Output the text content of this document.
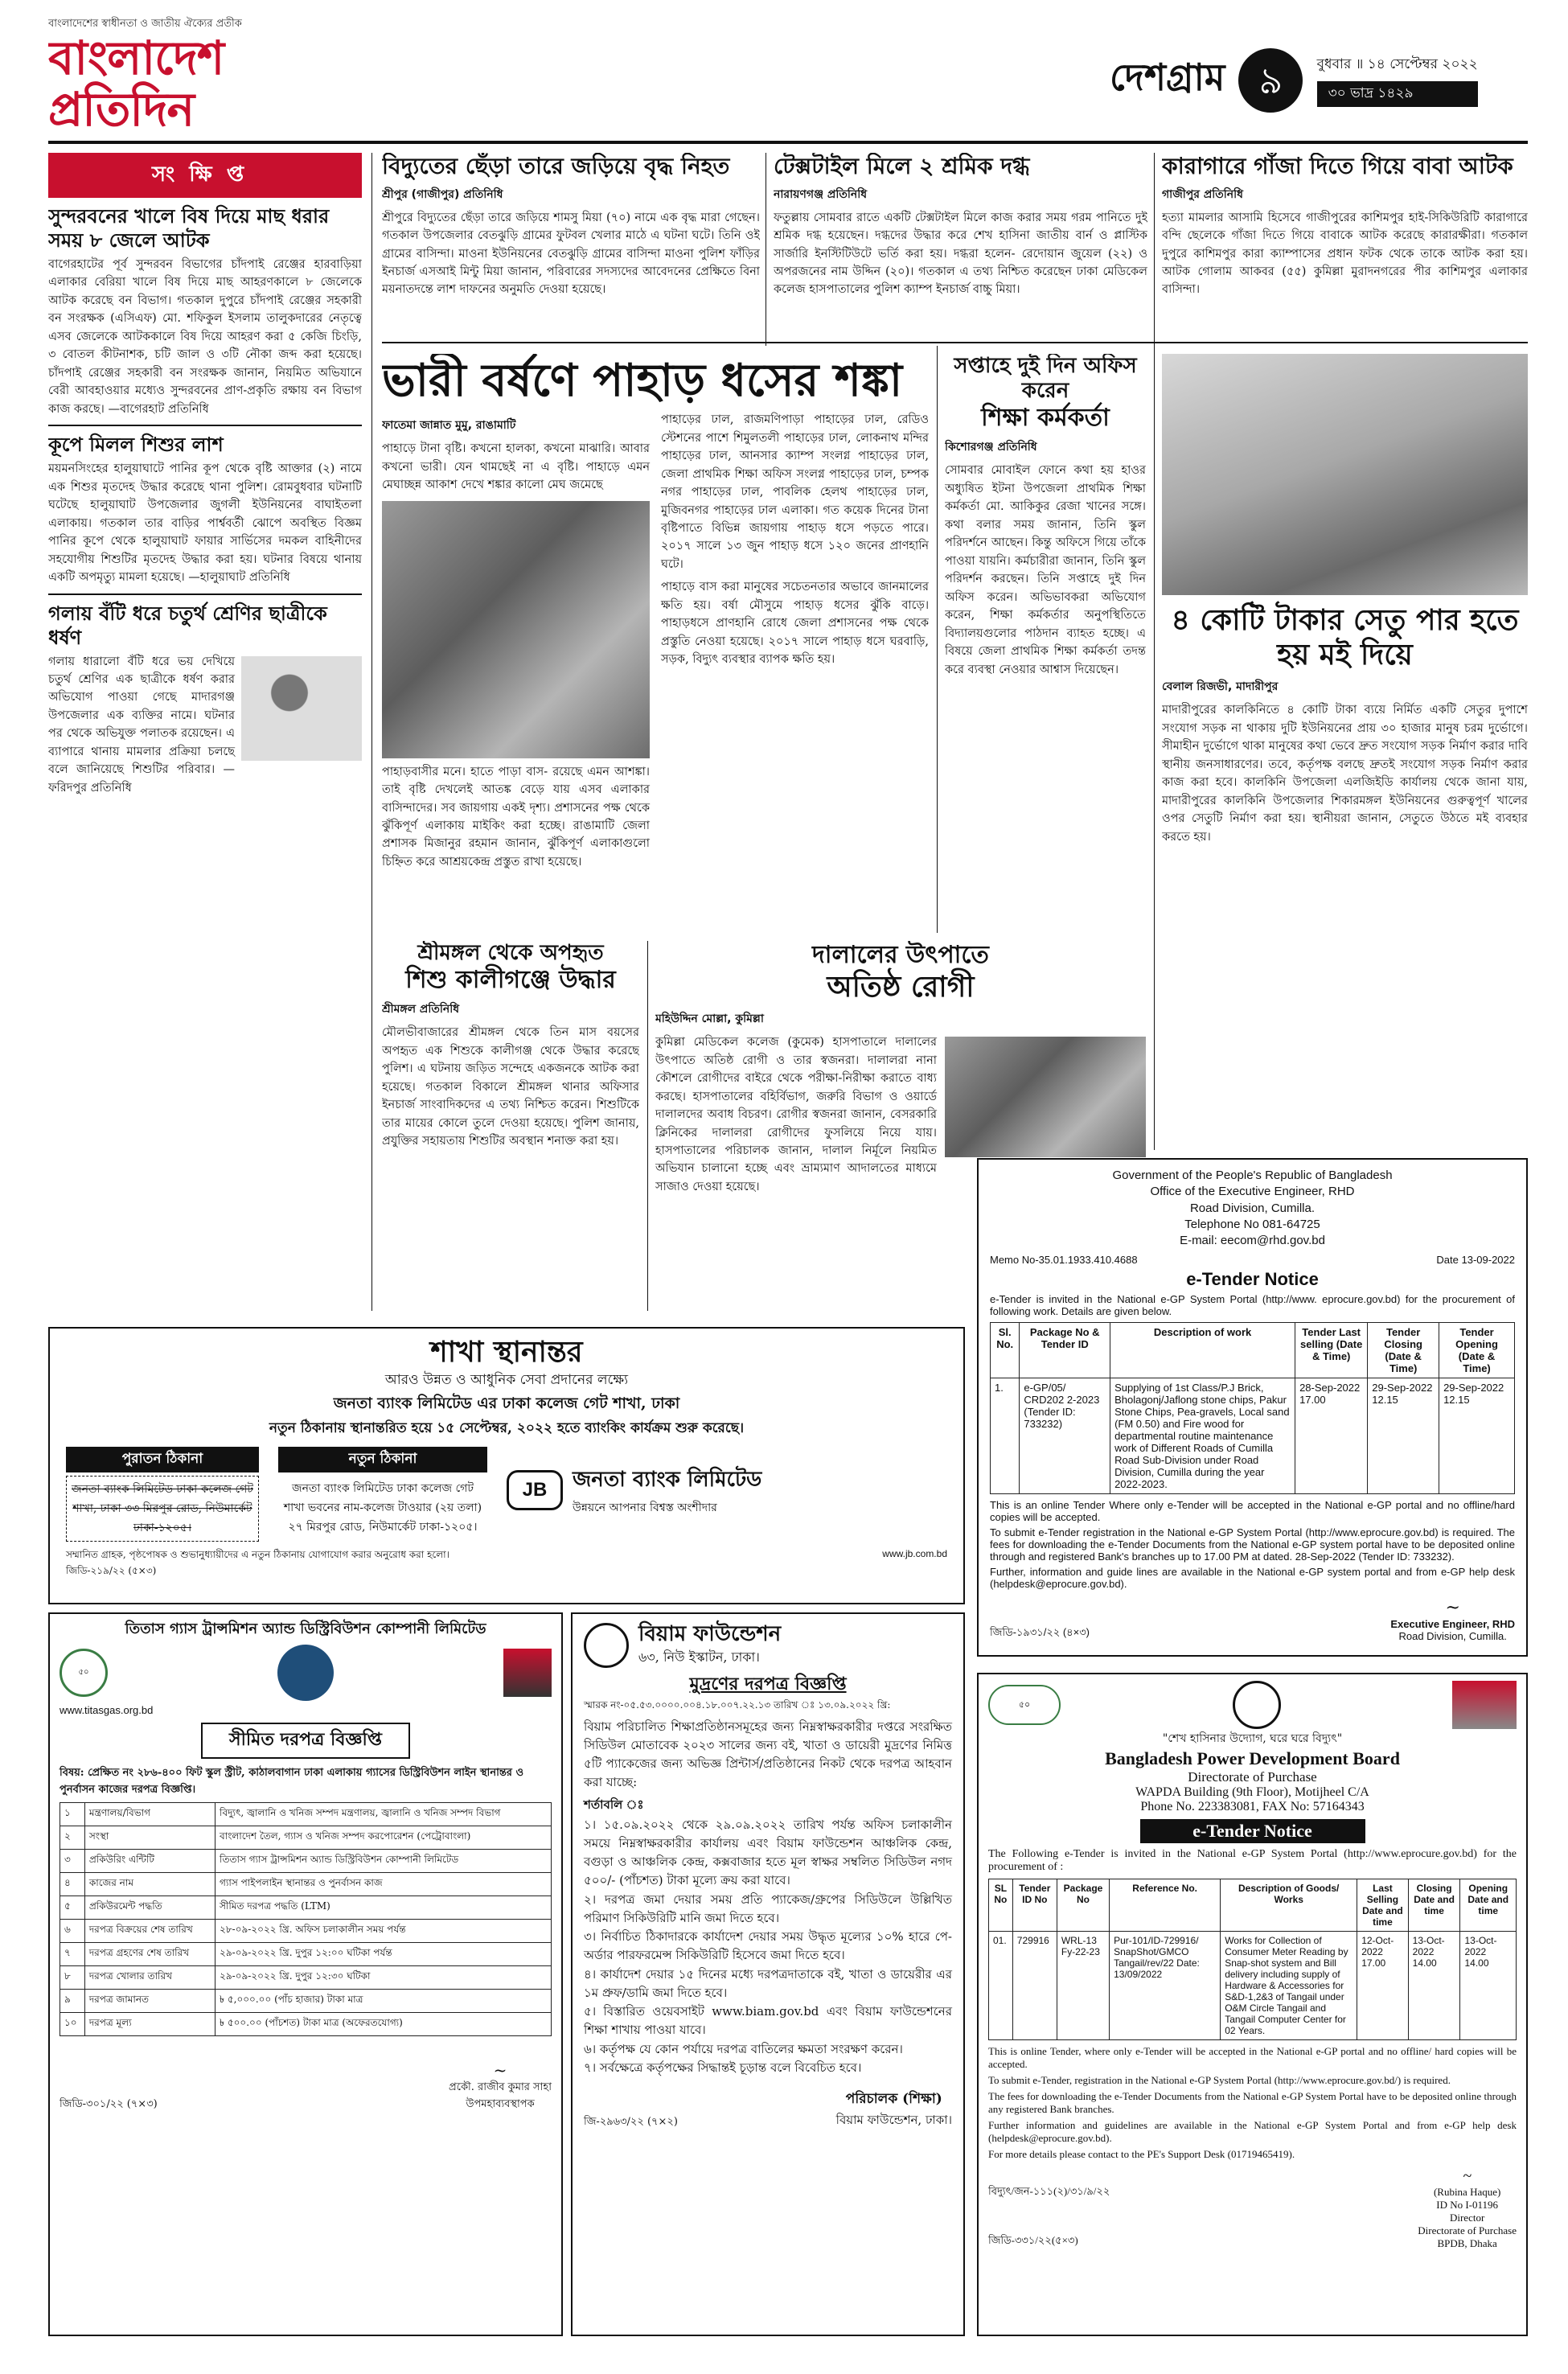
বাংলাদেশের স্বাধীনতা ও জাতীয় ঐক্যের প্রতীক
বাংলাদেশ প্রতিদিন
দেশগ্রাম ৯ বুধবার ॥ ১৪ সেপ্টেম্বর ২০২২
৩০ ভাদ্র ১৪২৯
সংক্ষিপ্ত
সুন্দরবনের খালে বিষ দিয়ে মাছ ধরার সময় ৮ জেলে আটক
বাগেরহাটের পূর্ব সুন্দরবন বিভাগের চাঁদপাই রেঞ্জের হারবাড়িয়া এলাকার বেরিয়া খালে বিষ দিয়ে মাছ আহরণকালে ৮ জেলেকে আটক করেছে বন বিভাগ। গতকাল দুপুরে চাঁদপাই রেঞ্জের সহকারী বন সংরক্ষক (এসিএফ) মো. শফিকুল ইসলাম তালুকদারের নেতৃত্বে এসব জেলেকে আটককালে বিষ দিয়ে আহরণ করা ৫ কেজি চিংড়ি, ৩ বোতল কীটনাশক, চটি জাল ও ৩টি নৌকা জব্দ করা হয়েছে। চাঁদপাই রেঞ্জের সহকারী বন সংরক্ষক জানান, নিয়মিত অভিযানে বেরী আবহাওয়ার মধ্যেও সুন্দরবনের প্রাণ-প্রকৃতি রক্ষায় বন বিভাগ কাজ করছে। —বাগেরহাট প্রতিনিধি
কূপে মিলল শিশুর লাশ
ময়মনসিংহের হালুয়াঘাটে পানির কূপ থেকে বৃষ্টি আক্তার (২) নামে এক শিশুর মৃতদেহ উদ্ধার করেছে থানা পুলিশ। রোমবুধবার ঘটনাটি ঘটেছে হালুয়াঘাট উপজেলার জুগলী ইউনিয়নের বাঘাইতলা এলাকায়। গতকাল তার বাড়ির পার্শ্ববর্তী ঝোপে অবস্থিত বিজ্ঞম পানির কূপে থেকে হালুয়াঘাট ফায়ার সার্ভিসের দমকল বাহিনীদের সহযোগীয় শিশুটির মৃতদেহ উদ্ধার করা হয়। ঘটনার বিষয়ে থানায় একটি অপমৃত্যু মামলা হয়েছে। —হালুয়াঘাট প্রতিনিধি
গলায় বঁটি ধরে চতুর্থ শ্রেণির ছাত্রীকে ধর্ষণ
গলায় ধারালো বঁটি ধরে ভয় দেখিয়ে চতুর্থ শ্রেণির এক ছাত্রীকে ধর্ষণ করার অভিযোগ পাওয়া গেছে মাদারগঞ্জ উপজেলার এক ব্যক্তির নামে। ঘটনার পর থেকে অভিযুক্ত পলাতক রয়েছেন। এ ব্যাপারে থানায় মামলার প্রক্রিয়া চলছে বলে জানিয়েছে শিশুটির পরিবার। —ফরিদপুর প্রতিনিধি
বিদ্যুতের ছেঁড়া তারে জড়িয়ে বৃদ্ধ নিহত
শ্রীপুর (গাজীপুর) প্রতিনিধি
শ্রীপুরে বিদ্যুতের ছেঁড়া তারে জড়িয়ে শামসু মিয়া (৭০) নামে এক বৃদ্ধ মারা গেছেন। গতকাল উপজেলার বেতঝুড়ি গ্রামের ফুটবল খেলার মাঠে এ ঘটনা ঘটে। তিনি ওই গ্রামের বাসিন্দা। মাওনা ইউনিয়নের বেতঝুড়ি গ্রামের বাসিন্দা মাওনা পুলিশ ফাঁড়ির ইনচার্জ এসআই মিন্টু মিয়া জানান, পরিবারের সদস্যদের আবেদনের প্রেক্ষিতে বিনা ময়নাতদন্তে লাশ দাফনের অনুমতি দেওয়া হয়েছে।
টেক্সটাইল মিলে ২ শ্রমিক দগ্ধ
নারায়ণগঞ্জ প্রতিনিধি
ফতুল্লায় সোমবার রাতে একটি টেক্সটাইল মিলে কাজ করার সময় গরম পানিতে দুই শ্রমিক দগ্ধ হয়েছেন। দগ্ধদের উদ্ধার করে শেখ হাসিনা জাতীয় বার্ন ও প্লাস্টিক সার্জারি ইনস্টিটিউটে ভর্তি করা হয়। দগ্ধরা হলেন- রেদোয়ান জুয়েল (২২) ও অপরজনের নাম উদ্দিন (২০)। গতকাল এ তথ্য নিশ্চিত করেছেন ঢাকা মেডিকেল কলেজ হাসপাতালের পুলিশ ক্যাম্প ইনচার্জ বাচ্চু মিয়া।
কারাগারে গাঁজা দিতে গিয়ে বাবা আটক
গাজীপুর প্রতিনিধি
হত্যা মামলার আসামি হিসেবে গাজীপুরের কাশিমপুর হাই-সিকিউরিটি কারাগারে বন্দি ছেলেকে গাঁজা দিতে গিয়ে বাবাকে আটক করেছে কারারক্ষীরা। গতকাল দুপুরে কাশিমপুর কারা ক্যাম্পাসের প্রধান ফটক থেকে তাকে আটক করা হয়। আটক গোলাম আকবর (৫৫) কুমিল্লা মুরাদনগরের পীর কাশিমপুর এলাকার বাসিন্দা।
ভারী বর্ষণে পাহাড় ধসের শঙ্কা
ফাতেমা জান্নাত মুমু, রাঙামাটি
পাহাড়ে টানা বৃষ্টি। কখনো হালকা, কখনো মাঝারি। আবার কখনো ভারী। যেন থামছেই না এ বৃষ্টি। পাহাড়ে এমন মেঘাচ্ছন্ন আকাশ দেখে শঙ্কার কালো মেঘ জমেছে
পাহাড়বাসীর মনে। হাতে পাড়া বাস- রয়েছে এমন আশঙ্কা। তাই বৃষ্টি দেখলেই আতঙ্ক বেড়ে যায় এসব এলাকার বাসিন্দাদের। সব জায়গায় একই দৃশ্য। প্রশাসনের পক্ষ থেকে ঝুঁকিপূর্ণ এলাকায় মাইকিং করা হচ্ছে। রাঙামাটি জেলা প্রশাসক মিজানুর রহমান জানান, ঝুঁকিপূর্ণ এলাকাগুলো চিহ্নিত করে আশ্রয়কেন্দ্র প্রস্তুত রাখা হয়েছে।
পাহাড়ের ঢাল, রাজমণিপাড়া পাহাড়ের ঢাল, রেডিও স্টেশনের পাশে শিমুলতলী পাহাড়ের ঢাল, লোকনাথ মন্দির পাহাড়ের ঢাল, আনসার ক্যাম্প সংলগ্ন পাহাড়ের ঢাল, জেলা প্রাথমিক শিক্ষা অফিস সংলগ্ন পাহাড়ের ঢাল, চম্পক নগর পাহাড়ের ঢাল, পাবলিক হেলথ পাহাড়ের ঢাল, মুজিবনগর পাহাড়ের ঢাল এলাকা। গত কয়েক দিনের টানা বৃষ্টিপাতে বিভিন্ন জায়গায় পাহাড় ধসে পড়তে পারে। ২০১৭ সালে ১৩ জুন পাহাড় ধসে ১২০ জনের প্রাণহানি ঘটে।
পাহাড়ে বাস করা মানুষের সচেতনতার অভাবে জানমালের ক্ষতি হয়। বর্ষা মৌসুমে পাহাড় ধসের ঝুঁকি বাড়ে। পাহাড়ধসে প্রাণহানি রোধে জেলা প্রশাসনের পক্ষ থেকে প্রস্তুতি নেওয়া হয়েছে। ২০১৭ সালে পাহাড় ধসে ঘরবাড়ি, সড়ক, বিদ্যুৎ ব্যবস্থার ব্যাপক ক্ষতি হয়।
সপ্তাহে দুই দিন অফিস করেন
শিক্ষা কর্মকর্তা
কিশোরগঞ্জ প্রতিনিধি
সোমবার মোবাইল ফোনে কথা হয় হাওর অধ্যুষিত ইটনা উপজেলা প্রাথমিক শিক্ষা কর্মকর্তা মো. আকিকুর রেজা খানের সঙ্গে। কথা বলার সময় জানান, তিনি স্কুল পরিদর্শনে আছেন। কিন্তু অফিসে গিয়ে তাঁকে পাওয়া যায়নি। কর্মচারীরা জানান, তিনি স্কুল পরিদর্শন করছেন। তিনি সপ্তাহে দুই দিন অফিস করেন। অভিভাবকরা অভিযোগ করেন, শিক্ষা কর্মকর্তার অনুপস্থিতিতে বিদ্যালয়গুলোর পাঠদান ব্যাহত হচ্ছে। এ বিষয়ে জেলা প্রাথমিক শিক্ষা কর্মকর্তা তদন্ত করে ব্যবস্থা নেওয়ার আশ্বাস দিয়েছেন।
৪ কোটি টাকার সেতু পার হতে হয় মই দিয়ে
বেলাল রিজভী, মাদারীপুর
মাদারীপুরের কালকিনিতে ৪ কোটি টাকা ব্যয়ে নির্মিত একটি সেতুর দুপাশে সংযোগ সড়ক না থাকায় দুটি ইউনিয়নের প্রায় ৩০ হাজার মানুষ চরম দুর্ভোগে। সীমাহীন দুর্ভোগে থাকা মানুষের কথা ভেবে দ্রুত সংযোগ সড়ক নির্মাণ করার দাবি স্থানীয় জনসাধারণের। তবে, কর্তৃপক্ষ বলছে দ্রুতই সংযোগ সড়ক নির্মাণ করার কাজ করা হবে। কালকিনি উপজেলা এলজিইডি কার্যালয় থেকে জানা যায়, মাদারীপুরের কালকিনি উপজেলার শিকারমঙ্গল ইউনিয়নের গুরুত্বপূর্ণ খালের ওপর সেতুটি নির্মাণ করা হয়। স্থানীয়রা জানান, সেতুতে উঠতে মই ব্যবহার করতে হয়।
শ্রীমঙ্গল থেকে অপহৃত
শিশু কালীগঞ্জে উদ্ধার
শ্রীমঙ্গল প্রতিনিধি
মৌলভীবাজারের শ্রীমঙ্গল থেকে তিন মাস বয়সের অপহৃত এক শিশুকে কালীগঞ্জ থেকে উদ্ধার করেছে পুলিশ। এ ঘটনায় জড়িত সন্দেহে একজনকে আটক করা হয়েছে। গতকাল বিকালে শ্রীমঙ্গল থানার অফিসার ইনচার্জ সাংবাদিকদের এ তথ্য নিশ্চিত করেন। শিশুটিকে তার মায়ের কোলে তুলে দেওয়া হয়েছে। পুলিশ জানায়, প্রযুক্তির সহায়তায় শিশুটির অবস্থান শনাক্ত করা হয়।
দালালের উৎপাতে
অতিষ্ঠ রোগী
মহিউদ্দিন মোল্লা, কুমিল্লা
কুমিল্লা মেডিকেল কলেজ (কুমেক) হাসপাতালে দালালের উৎপাতে অতিষ্ঠ রোগী ও তার স্বজনরা। দালালরা নানা কৌশলে রোগীদের বাইরে থেকে পরীক্ষা-নিরীক্ষা করাতে বাধ্য করছে। হাসপাতালের বহির্বিভাগ, জরুরি বিভাগ ও ওয়ার্ডে দালালদের অবাধ বিচরণ। রোগীর স্বজনরা জানান, বেসরকারি ক্লিনিকের দালালরা রোগীদের ফুসলিয়ে নিয়ে যায়। হাসপাতালের পরিচালক জানান, দালাল নির্মূলে নিয়মিত অভিযান চালানো হচ্ছে এবং ভ্রাম্যমাণ আদালতের মাধ্যমে সাজাও দেওয়া হয়েছে।
Government of the People's Republic of Bangladesh
Office of the Executive Engineer, RHD
Road Division, Cumilla.
Telephone No 081-64725
E-mail: eecom@rhd.gov.bd
Memo No-35.01.1933.410.4688	Date 13-09-2022
e-Tender Notice
e-Tender is invited in the National e-GP System Portal (http://www. eprocure.gov.bd) for the procurement of following work. Details are given below.
Sl. No.	Package No & Tender ID	Description of work	Tender Last selling (Date & Time)	Tender Closing (Date & Time)	Tender Opening (Date & Time)
1.	e-GP/05/ CRD202 2-2023 (Tender ID: 733232)	Supplying of 1st Class/P.J Brick, Bholagonj/Jaflong stone chips, Pakur Stone Chips, Pea-gravels, Local sand (FM 0.50) and Fire wood for departmental routine maintenance work of Different Roads of Cumilla Road Sub-Division under Road Division, Cumilla during the year 2022-2023.	28-Sep-2022 17.00	29-Sep-2022 12.15	29-Sep-2022 12.15
This is an online Tender Where only e-Tender will be accepted in the National e-GP portal and no offline/hard copies will be accepted.
To submit e-Tender registration in the National e-GP System Portal (http://www.eprocure.gov.bd) is required. The fees for downloading the e-Tender Documents from the National e-GP system portal have to be deposited online through and registered Bank's branches up to 17.00 PM at dated. 28-Sep-2022 (Tender ID: 733232).
Further, information and guide lines are available in the National e-GP system portal and from e-GP help desk (helpdesk@eprocure.gov.bd).
জিডি-১৯৩১/২২ (৪×৩)
~
Executive Engineer, RHD
Road Division, Cumilla.
শাখা স্থানান্তর
আরও উন্নত ও আধুনিক সেবা প্রদানের লক্ষ্যে
জনতা ব্যাংক লিমিটেড এর ঢাকা কলেজ গেট শাখা, ঢাকা
নতুন ঠিকানায় স্থানান্তরিত হয়ে ১৫ সেপ্টেম্বর, ২০২২ হতে ব্যাংকিং কার্যক্রম শুরু করেছে।
পুরাতন ঠিকানা
জনতা ব্যাংক লিমিটেড ঢাকা কলেজ গেট শাখা, ঢাকা ৩৩ মিরপুর রোড, নিউমার্কেট ঢাকা-১২০৫।
নতুন ঠিকানা
জনতা ব্যাংক লিমিটেড ঢাকা কলেজ গেট শাখা ভবনের নাম-কলেজ টাওয়ার (২য় তলা) ২৭ মিরপুর রোড, নিউমার্কেট ঢাকা-১২০৫।
JB	জনতা ব্যাংক লিমিটেড
উন্নয়নে আপনার বিশ্বস্ত অংশীদার
সম্মানিত গ্রাহক, পৃষ্ঠপোষক ও শুভানুধ্যায়ীদের এ নতুন ঠিকানায় যোগাযোগ করার অনুরোধ করা হলো।	www.jb.com.bd
জিডি-২১৯/২২ (৫×৩)
তিতাস গ্যাস ট্রান্সমিশন অ্যান্ড ডিস্ট্রিবিউশন কোম্পানী লিমিটেড
৫০
www.titasgas.org.bd
সীমিত দরপত্র বিজ্ঞপ্তি
বিষয়: প্রেক্ষিত নং ২৮৬-৪০০ ফিট স্কুল স্ট্রীট, কাঠালবাগান ঢাকা এলাকায় গ্যাসের ডিস্ট্রিবিউশন লাইন স্থানান্তর ও পুনর্বাসন কাজের দরপত্র বিজ্ঞপ্তি।
১	মন্ত্রণালয়/বিভাগ	বিদ্যুৎ, জ্বালানি ও খনিজ সম্পদ মন্ত্রণালয়, জ্বালানি ও খনিজ সম্পদ বিভাগ
২	সংস্থা	বাংলাদেশ তৈল, গ্যাস ও খনিজ সম্পদ করপোরেশন (পেট্রোবাংলা)
৩	প্রকিউরিং এন্টিটি	তিতাস গ্যাস ট্রান্সমিশন অ্যান্ড ডিস্ট্রিবিউশন কোম্পানী লিমিটেড
৪	কাজের নাম	গ্যাস পাইপলাইন স্থানান্তর ও পুনর্বাসন কাজ
৫	প্রকিউরমেন্ট পদ্ধতি	সীমিত দরপত্র পদ্ধতি (LTM)
৬	দরপত্র বিক্রয়ের শেষ তারিখ	২৮-০৯-২০২২ খ্রি. অফিস চলাকালীন সময় পর্যন্ত
৭	দরপত্র গ্রহণের শেষ তারিখ	২৯-০৯-২০২২ খ্রি. দুপুর ১২:০০ ঘটিকা পর্যন্ত
৮	দরপত্র খোলার তারিখ	২৯-০৯-২০২২ খ্রি. দুপুর ১২:৩০ ঘটিকা
৯	দরপত্র জামানত	৳ ৫,০০০.০০ (পাঁচ হাজার) টাকা মাত্র
১০	দরপত্র মূল্য	৳ ৫০০.০০ (পাঁচশত) টাকা মাত্র (অফেরতযোগ্য)
জিডি-৩০১/২২ (৭×৩)
~
প্রকৌ. রাজীব কুমার সাহা
উপমহাব্যবস্থাপক
বিয়াম ফাউন্ডেশন
৬৩, নিউ ইস্কাটন, ঢাকা।
মুদ্রণের দরপত্র বিজ্ঞপ্তি
স্মারক নং-০৫.৫৩.০০০০.০০৪.১৮.০০৭.২২.১৩ তারিখ ঃ ১৩.০৯.২০২২ খ্রি:
বিয়াম পরিচালিত শিক্ষাপ্রতিষ্ঠানসমূহের জন্য নিম্নস্বাক্ষরকারীর দপ্তরে সংরক্ষিত সিডিউল মোতাবেক ২০২৩ সালের জন্য বই, খাতা ও ডায়েরী মুদ্রণের নিমিত্ত ৫টি প্যাকেজের জন্য অভিজ্ঞ প্রিন্টার্স/প্রতিষ্ঠানের নিকট থেকে দরপত্র আহবান করা যাচ্ছে:
শর্তাবলি ঃ
১। ১৫.০৯.২০২২ থেকে ২৯.০৯.২০২২ তারিখ পর্যন্ত অফিস চলাকালীন সময়ে নিম্নস্বাক্ষরকারীর কার্যালয় এবং বিয়াম ফাউন্ডেশন আঞ্চলিক কেন্দ্র, বগুড়া ও আঞ্চলিক কেন্দ্র, কক্সবাজার হতে মূল স্বাক্ষর সম্বলিত সিডিউল নগদ ৫০০/- (পাঁচশত) টাকা মূল্যে ক্রয় করা যাবে।
২। দরপত্র জমা দেয়ার সময় প্রতি প্যাকেজ/গ্রুপের সিডিউলে উল্লিখিত পরিমাণ সিকিউরিটি মানি জমা দিতে হবে।
৩। নির্বাচিত ঠিকাদারকে কার্যাদেশ দেয়ার সময় উদ্ধৃত মূল্যের ১০% হারে পে-অর্ডার পারফরমেন্স সিকিউরিটি হিসেবে জমা দিতে হবে।
৪। কার্যাদেশ দেয়ার ১৫ দিনের মধ্যে দরপত্রদাতাকে বই, খাতা ও ডায়েরীর এর ১ম প্রুফ/ডামি জমা দিতে হবে।
৫। বিস্তারিত ওয়েবসাইট www.biam.gov.bd এবং বিয়াম ফাউন্ডেশনের শিক্ষা শাখায় পাওয়া যাবে।
৬। কর্তৃপক্ষ যে কোন পর্যায়ে দরপত্র বাতিলের ক্ষমতা সংরক্ষণ করেন।
৭। সর্বক্ষেত্রে কর্তৃপক্ষের সিদ্ধান্তই চূড়ান্ত বলে বিবেচিত হবে।
জি-২৯৬৩/২২ (৭×২)
পরিচালক (শিক্ষা)
বিয়াম ফাউন্ডেশন, ঢাকা।
৫০
"শেখ হাসিনার উদ্যোগ, ঘরে ঘরে বিদ্যুৎ"
Bangladesh Power Development Board
Directorate of Purchase
WAPDA Building (9th Floor), Motijheel C/A
Phone No. 223383081, FAX No: 57164343
e-Tender Notice
The Following e-Tender is invited in the National e-GP System Portal (http://www.eprocure.gov.bd) for the procurement of :
SL No	Tender ID No	Package No	Reference No.	Description of Goods/ Works	Last Selling Date and time	Closing Date and time	Opening Date and time
01.	729916	WRL-13 Fy-22-23	Pur-101/ID-729916/ SnapShot/GMCO Tangail/rev/22 Date: 13/09/2022	Works for Collection of Consumer Meter Reading by Snap-shot system and Bill delivery including supply of Hardware & Accessories for S&D-1,2&3 of Tangail under O&M Circle Tangail and Tangail Computer Center for 02 Years.	12-Oct-2022 17.00	13-Oct-2022 14.00	13-Oct-2022 14.00
This is online Tender, where only e-Tender will be accepted in the National e-GP portal and no offline/ hard copies will be accepted.
To submit e-Tender, registration in the National e-GP System Portal (http://www.eprocure.gov.bd/) is required.
The fees for downloading the e-Tender Documents from the National e-GP System Portal have to be deposited online through any registered Bank branches.
Further information and guidelines are available in the National e-GP System Portal and from e-GP help desk (helpdesk@eprocure.gov.bd).
For more details please contact to the PE's Support Desk (01719465419).
বিদ্যুৎ/জন-১১১(২)/৩১/৯/২২
জিডি-৩৩১/২২(৫×৩)
~
(Rubina Haque)
ID No I-01196
Director
Directorate of Purchase
BPDB, Dhaka
